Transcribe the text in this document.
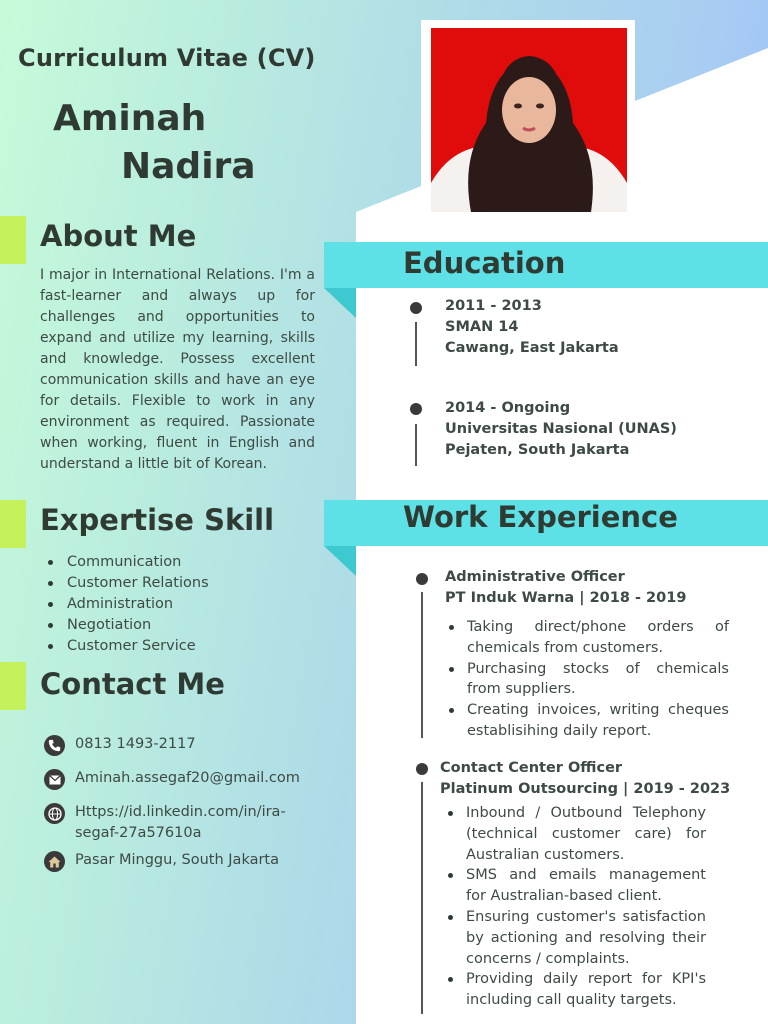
Curriculum Vitae (CV)
Aminah
Nadira
About Me
I major in International Relations. I'm a fast-learner and always up for challenges and opportunities to expand and utilize my learning, skills and knowledge. Possess excellent communication skills and have an eye for details. Flexible to work in any environment as required. Passionate when working, fluent in English and understand a little bit of Korean.
Expertise Skill
Communication
Customer Relations
Administration
Negotiation
Customer Service
Contact Me
0813 1493-2117
Aminah.assegaf20@gmail.com
Https://id.linkedin.com/in/ira-
segaf-27a57610a
Pasar Minggu, South Jakarta
Education
2011 - 2013
SMAN 14
Cawang, East Jakarta
2014 - Ongoing
Universitas Nasional (UNAS)
Pejaten, South Jakarta
Work Experience
Administrative Officer
PT Induk Warna | 2018 - 2019
Taking direct/phone orders of chemicals from customers.
Purchasing stocks of chemicals from suppliers.
Creating invoices, writing cheques establisihing daily report.
Contact Center Officer
Platinum Outsourcing | 2019 - 2023
Inbound / Outbound Telephony (technical customer care) for Australian customers.
SMS and emails management for Australian-based client.
Ensuring customer's satisfaction by actioning and resolving their concerns / complaints.
Providing daily report for KPI's including call quality targets.
